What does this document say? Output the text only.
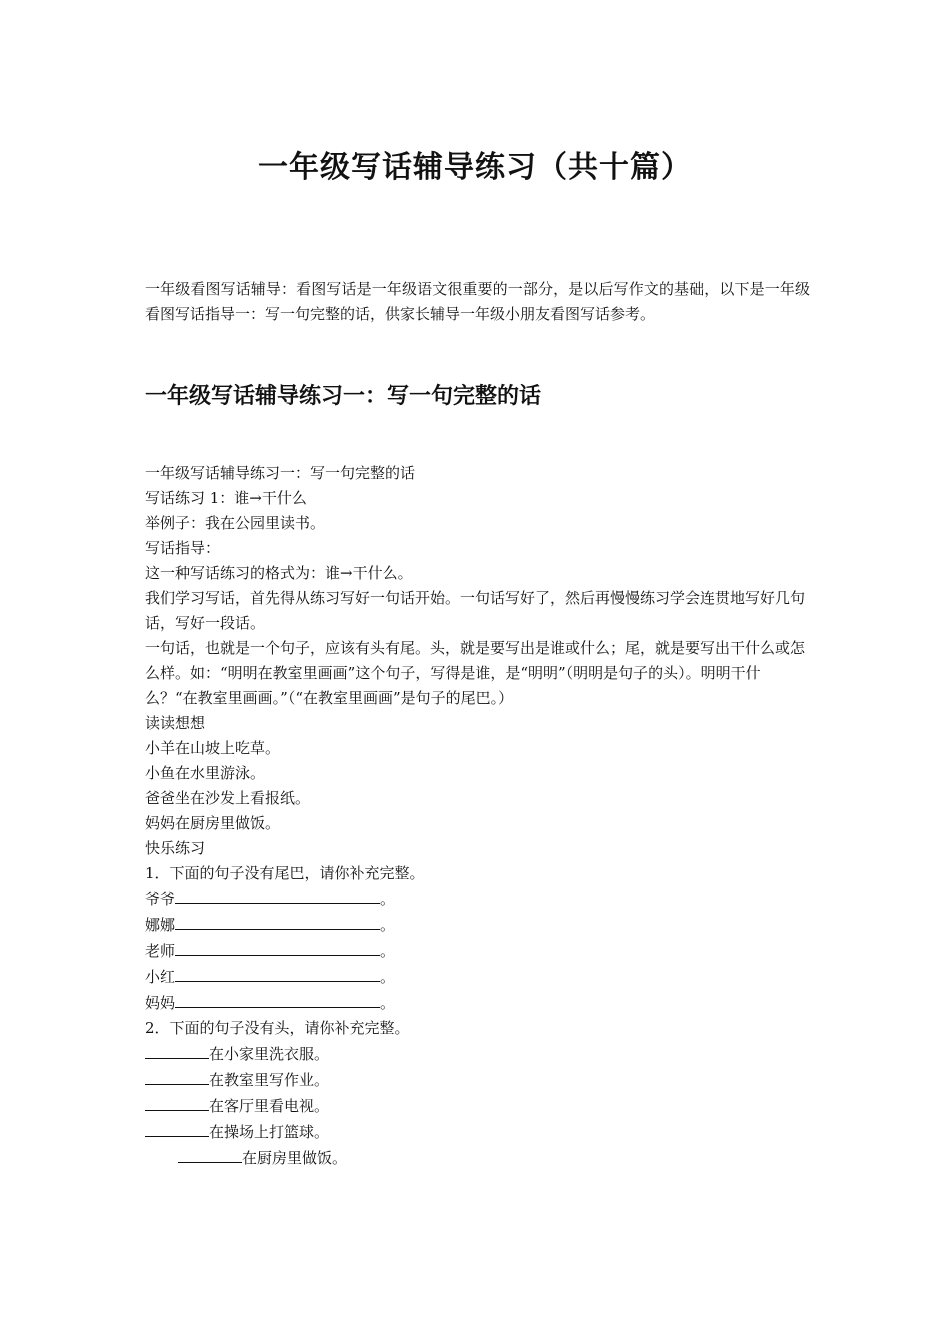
一年级写话辅导练习（共十篇）

一年级看图写话辅导：看图写话是一年级语文很重要的一部分，是以后写作文的基础，以下是一年级看图写话指导一：写一句完整的话，供家长辅导一年级小朋友看图写话参考。

一年级写话辅导练习一：写一句完整的话

一年级写话辅导练习一：写一句完整的话

写话练习 1：谁→干什么

举例子：我在公园里读书。

写话指导：

这一种写话练习的格式为：谁→干什么。

我们学习写话，首先得从练习写好一句话开始。一句话写好了，然后再慢慢练习学会连贯地写好几句话，写好一段话。

一句话，也就是一个句子，应该有头有尾。头，就是要写出是谁或什么；尾，就是要写出干什么或怎么样。如：“明明在教室里画画”这个句子，写得是谁，是“明明”（明明是句子的头）。明明干什么？“在教室里画画。”（“在教室里画画”是句子的尾巴。）

读读想想

小羊在山坡上吃草。

小鱼在水里游泳。

爸爸坐在沙发上看报纸。

妈妈在厨房里做饭。

快乐练习

1．下面的句子没有尾巴，请你补充完整。

爷爷	。

娜娜	。

老师	。

小红	。

妈妈	。

2．下面的句子没有头，请你补充完整。

在小家里洗衣服。

在教室里写作业。

在客厅里看电视。

在操场上打篮球。

在厨房里做饭。
